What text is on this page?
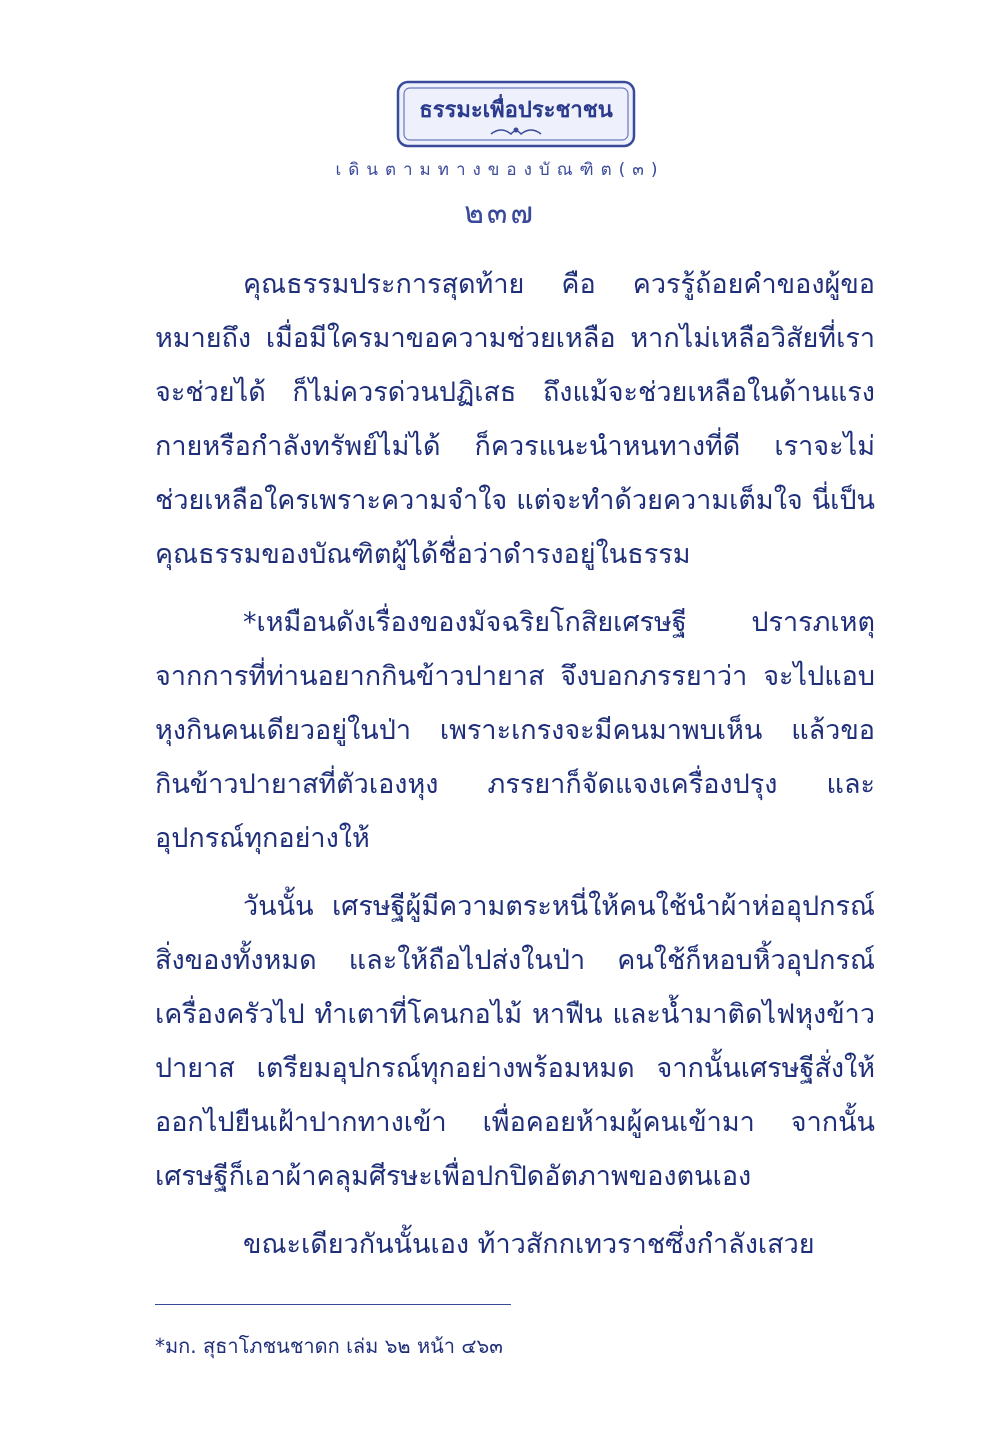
ธรรมะเพื่อประชาชน
เดินตามทางของบัณฑิต(๓)
๒๓๗
คุณธรรมประการสุดท้าย คือ ควรรู้ถ้อยคำของผู้ขอ
หมายถึง เมื่อมีใครมาขอความช่วยเหลือ หากไม่เหลือวิสัยที่เรา
จะช่วยได้ ก็ไม่ควรด่วนปฏิเสธ ถึงแม้จะช่วยเหลือในด้านแรง
กายหรือกำลังทรัพย์ไม่ได้ ก็ควรแนะนำหนทางที่ดี เราจะไม่
ช่วยเหลือใครเพราะความจำใจ แต่จะทำด้วยความเต็มใจ นี่เป็น
คุณธรรมของบัณฑิตผู้ได้ชื่อว่าดำรงอยู่ในธรรม
*เหมือนดังเรื่องของมัจฉริยโกสิยเศรษฐี ปรารภเหตุ
จากการที่ท่านอยากกินข้าวปายาส จึงบอกภรรยาว่า จะไปแอบ
หุงกินคนเดียวอยู่ในป่า เพราะเกรงจะมีคนมาพบเห็น แล้วขอ
กินข้าวปายาสที่ตัวเองหุง ภรรยาก็จัดแจงเครื่องปรุง และ
อุปกรณ์ทุกอย่างให้
วันนั้น เศรษฐีผู้มีความตระหนี่ให้คนใช้นำผ้าห่ออุปกรณ์
สิ่งของทั้งหมด และให้ถือไปส่งในป่า คนใช้ก็หอบหิ้วอุปกรณ์
เครื่องครัวไป ทำเตาที่โคนกอไม้ หาฟืน และน้ำมาติดไฟหุงข้าว
ปายาส เตรียมอุปกรณ์ทุกอย่างพร้อมหมด จากนั้นเศรษฐีสั่งให้
ออกไปยืนเฝ้าปากทางเข้า เพื่อคอยห้ามผู้คนเข้ามา จากนั้น
เศรษฐีก็เอาผ้าคลุมศีรษะเพื่อปกปิดอัตภาพของตนเอง
ขณะเดียวกันนั้นเอง ท้าวสักกเทวราชซึ่งกำลังเสวย
*มก. สุธาโภชนชาดก เล่ม ๖๒ หน้า ๔๖๓
